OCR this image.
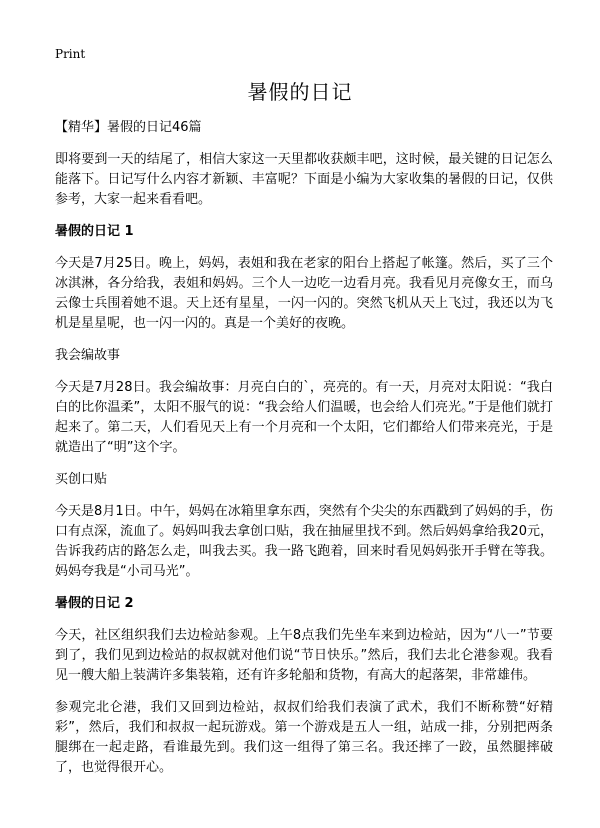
Print
暑假的日记

【精华】暑假的日记46篇

即将要到一天的结尾了，相信大家这一天里都收获颇丰吧，这时候，最关键的日记怎么能落下。日记写什么内容才新颖、丰富呢？下面是小编为大家收集的暑假的日记，仅供参考，大家一起来看看吧。

暑假的日记 1

今天是7月25日。晚上，妈妈，表姐和我在老家的阳台上搭起了帐篷。然后，买了三个冰淇淋，各分给我，表姐和妈妈。三个人一边吃一边看月亮。我看见月亮像女王，而乌云像士兵围着她不退。天上还有星星，一闪一闪的。突然飞机从天上飞过，我还以为飞机是星星呢，也一闪一闪的。真是一个美好的夜晚。

我会编故事

今天是7月28日。我会编故事：月亮白白的`，亮亮的。有一天，月亮对太阳说：“我白白的比你温柔”，太阳不服气的说：“我会给人们温暖，也会给人们亮光。”于是他们就打起来了。第二天，人们看见天上有一个月亮和一个太阳，它们都给人们带来亮光，于是就造出了“明”这个字。

买创口贴

今天是8月1日。中午，妈妈在冰箱里拿东西，突然有个尖尖的东西戳到了妈妈的手，伤口有点深，流血了。妈妈叫我去拿创口贴，我在抽屉里找不到。然后妈妈拿给我20元，告诉我药店的路怎么走，叫我去买。我一路飞跑着，回来时看见妈妈张开手臂在等我。妈妈夸我是“小司马光”。

暑假的日记 2

今天，社区组织我们去边检站参观。上午8点我们先坐车来到边检站，因为“八一”节要到了，我们见到边检站的叔叔就对他们说“节日快乐。”然后，我们去北仑港参观。我看见一艘大船上装满许多集装箱，还有许多轮船和货物，有高大的起落架，非常雄伟。

参观完北仑港，我们又回到边检站，叔叔们给我们表演了武术，我们不断称赞“好精彩”，然后，我们和叔叔一起玩游戏。第一个游戏是五人一组，站成一排，分别把两条腿绑在一起走路，看谁最先到。我们这一组得了第三名。我还摔了一跤，虽然腿摔破了，也觉得很开心。
